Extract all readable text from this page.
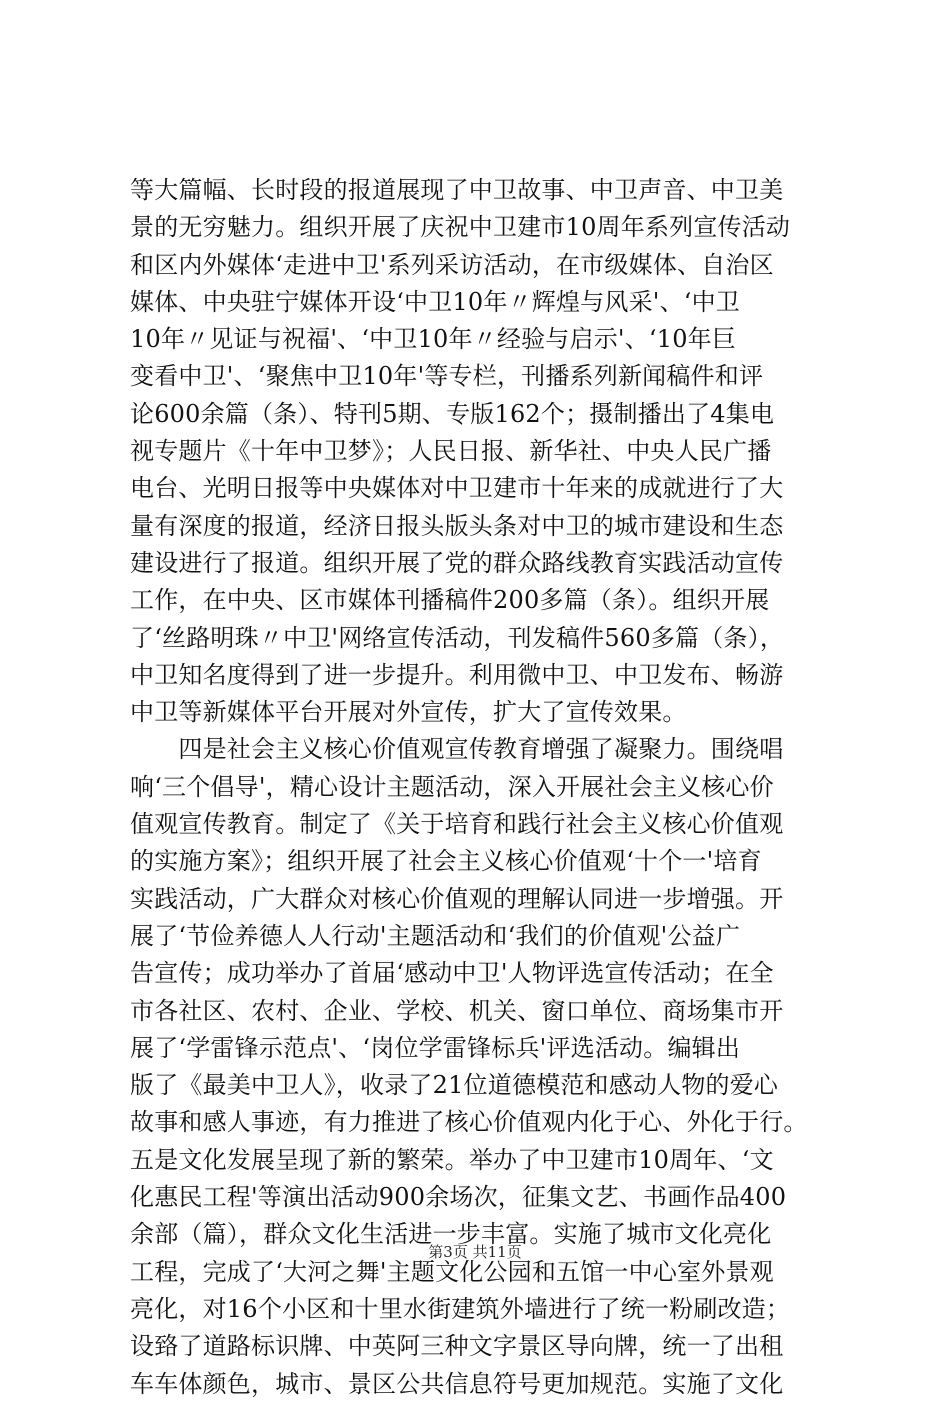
等大篇幅、长时段的报道展现了中卫故事、中卫声音、中卫美
景的无穷魅力。组织开展了庆祝中卫建市10周年系列宣传活动
和区内外媒体‘走进中卫'系列采访活动，在市级媒体、自治区
媒体、中央驻宁媒体开设‘中卫10年〃辉煌与风采'、‘中卫
10年〃见证与祝福'、‘中卫10年〃经验与启示'、‘10年巨
变看中卫'、‘聚焦中卫10年'等专栏，刊播系列新闻稿件和评
论600余篇（条）、特刊5期、专版162个；摄制播出了4集电
视专题片《十年中卫梦》；人民日报、新华社、中央人民广播
电台、光明日报等中央媒体对中卫建市十年来的成就进行了大
量有深度的报道，经济日报头版头条对中卫的城市建设和生态
建设进行了报道。组织开展了党的群众路线教育实践活动宣传
工作，在中央、区市媒体刊播稿件200多篇（条）。组织开展
了‘丝路明珠〃中卫'网络宣传活动，刊发稿件560多篇（条），
中卫知名度得到了进一步提升。利用微中卫、中卫发布、畅游
中卫等新媒体平台开展对外宣传，扩大了宣传效果。
　　四是社会主义核心价值观宣传教育增强了凝聚力。围绕唱
响‘三个倡导'，精心设计主题活动，深入开展社会主义核心价
值观宣传教育。制定了《关于培育和践行社会主义核心价值观
的实施方案》；组织开展了社会主义核心价值观‘十个一'培育
实践活动，广大群众对核心价值观的理解认同进一步增强。开
展了‘节俭养德人人行动'主题活动和‘我们的价值观'公益广
告宣传；成功举办了首届‘感动中卫'人物评选宣传活动；在全
市各社区、农村、企业、学校、机关、窗口单位、商场集市开
展了‘学雷锋示范点'、‘岗位学雷锋标兵'评选活动。编辑出
版了《最美中卫人》，收录了21位道德模范和感动人物的爱心
故事和感人事迹，有力推进了核心价值观内化于心、外化于行。
五是文化发展呈现了新的繁荣。举办了中卫建市10周年、‘文
化惠民工程'等演出活动900余场次，征集文艺、书画作品400
余部（篇），群众文化生活进一步丰富。实施了城市文化亮化
工程，完成了‘大河之舞'主题文化公园和五馆一中心室外景观
亮化，对16个小区和十里水街建筑外墙进行了统一粉刷改造；
设臵了道路标识牌、中英阿三种文字景区导向牌，统一了出租
车车体颜色，城市、景区公共信息符号更加规范。实施了文化
第3页 共11页
